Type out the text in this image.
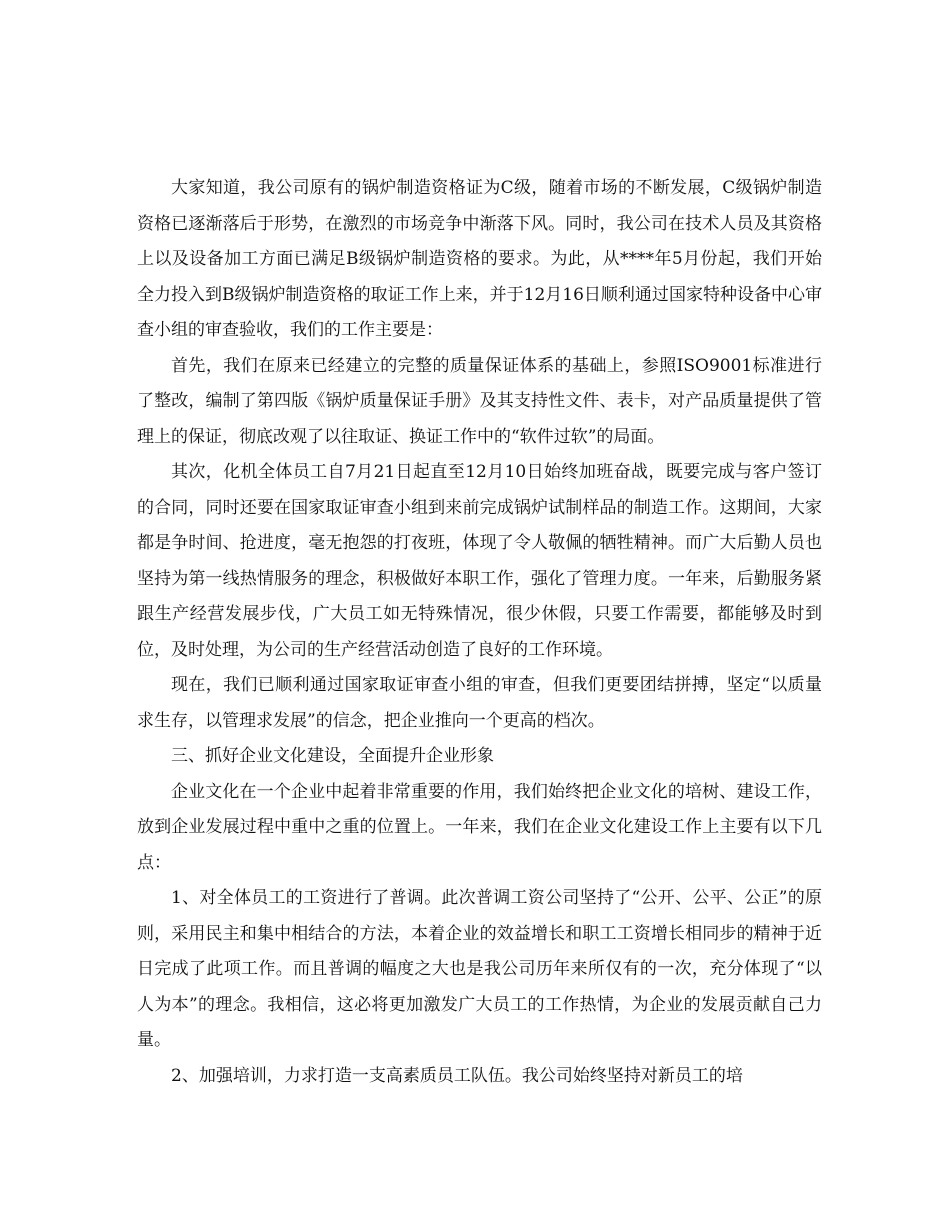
大家知道，我公司原有的锅炉制造资格证为C级，随着市场的不断发展，C级锅炉制造资格已逐渐落后于形势，在激烈的市场竞争中渐落下风。同时，我公司在技术人员及其资格上以及设备加工方面已满足B级锅炉制造资格的要求。为此，从****年5月份起，我们开始全力投入到B级锅炉制造资格的取证工作上来，并于12月16日顺利通过国家特种设备中心审查小组的审查验收，我们的工作主要是：

首先，我们在原来已经建立的完整的质量保证体系的基础上，参照ISO9001标准进行了整改，编制了第四版《锅炉质量保证手册》及其支持性文件、表卡，对产品质量提供了管理上的保证，彻底改观了以往取证、换证工作中的“软件过软”的局面。

其次，化机全体员工自7月21日起直至12月10日始终加班奋战，既要完成与客户签订的合同，同时还要在国家取证审查小组到来前完成锅炉试制样品的制造工作。这期间，大家都是争时间、抢进度，毫无抱怨的打夜班，体现了令人敬佩的牺牲精神。而广大后勤人员也坚持为第一线热情服务的理念，积极做好本职工作，强化了管理力度。一年来，后勤服务紧跟生产经营发展步伐，广大员工如无特殊情况，很少休假，只要工作需要，都能够及时到位，及时处理，为公司的生产经营活动创造了良好的工作环境。

现在，我们已顺利通过国家取证审查小组的审查，但我们更要团结拼搏，坚定“以质量求生存，以管理求发展”的信念，把企业推向一个更高的档次。

三、抓好企业文化建设，全面提升企业形象

企业文化在一个企业中起着非常重要的作用，我们始终把企业文化的培树、建设工作，放到企业发展过程中重中之重的位置上。一年来，我们在企业文化建设工作上主要有以下几点：

1、对全体员工的工资进行了普调。此次普调工资公司坚持了“公开、公平、公正”的原则，采用民主和集中相结合的方法，本着企业的效益增长和职工工资增长相同步的精神于近日完成了此项工作。而且普调的幅度之大也是我公司历年来所仅有的一次，充分体现了“以人为本”的理念。我相信，这必将更加激发广大员工的工作热情，为企业的发展贡献自己力量。

2、加强培训，力求打造一支高素质员工队伍。我公司始终坚持对新员工的培
